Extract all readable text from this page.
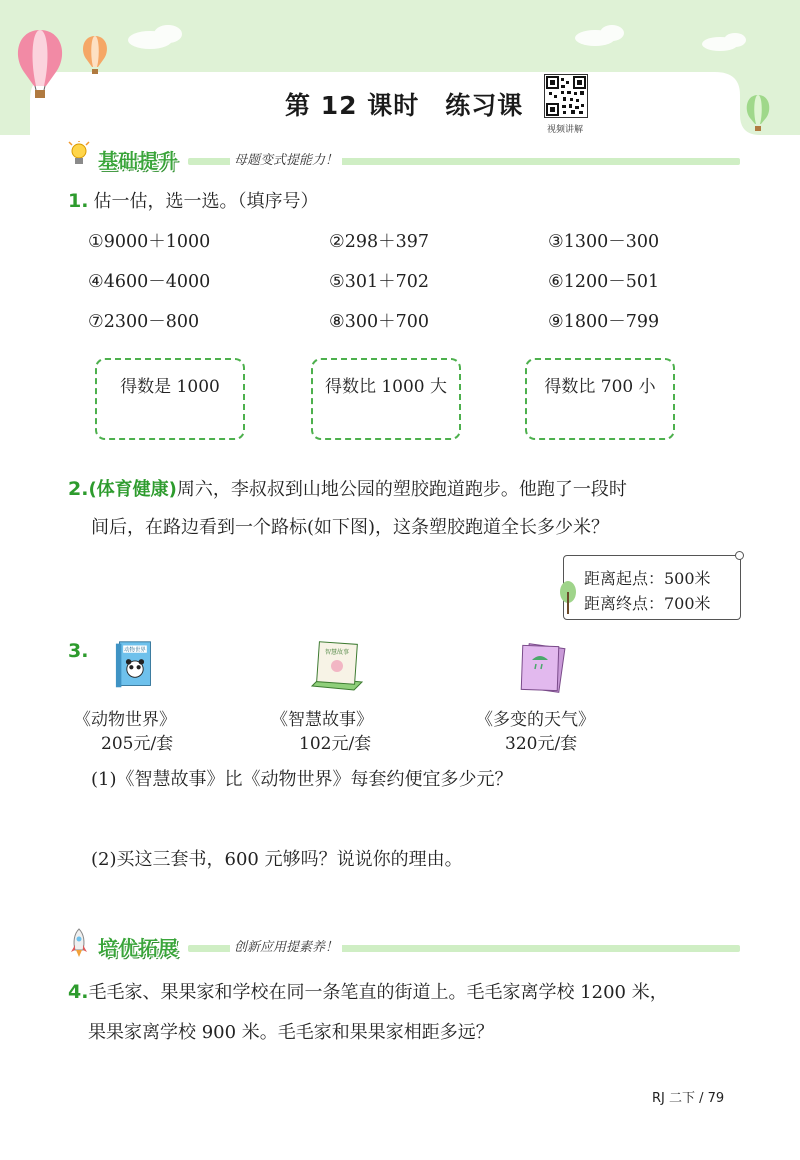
第 12 课时　练习课
视频讲解
基础提升	母题变式提能力！
1. 估一估，选一选。（填序号）
①9000＋1000	②298＋397	③1300－300
④4600－4000	⑤301＋702	⑥1200－501
⑦2300－800	⑧300＋700	⑨1800－799
得数是 1000	得数比 1000 大	得数比 700 小
2.(体育健康)周六，李叔叔到山地公园的塑胶跑道跑步。他跑了一段时
间后，在路边看到一个路标(如下图)，这条塑胶跑道全长多少米？
距离起点：500米
距离终点：700米
3.	动物世界	智慧故事
《动物世界》
205元/套
《智慧故事》
102元/套
《多变的天气》
320元/套
(1)《智慧故事》比《动物世界》每套约便宜多少元？
(2)买这三套书，600 元够吗？说说你的理由。
培优拓展	创新应用提素养！
4.毛毛家、果果家和学校在同一条笔直的街道上。毛毛家离学校 1200 米，
果果家离学校 900 米。毛毛家和果果家相距多远？
RJ 二下 / 79
